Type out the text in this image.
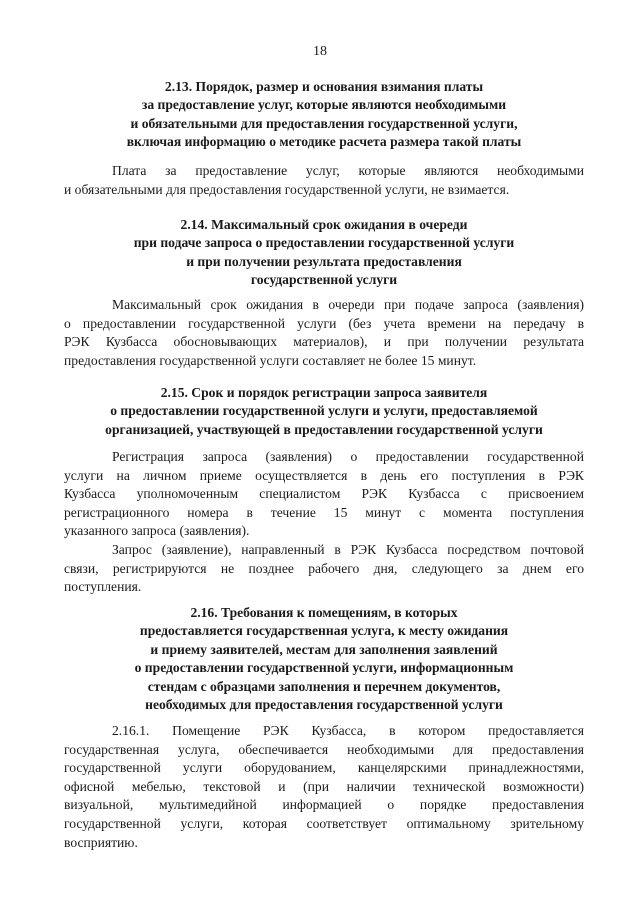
18

2.13. Порядок, размер и основания взимания платы
за предоставление услуг, которые являются необходимыми
и обязательными для предоставления государственной услуги,
включая информацию о методике расчета размера такой платы

Плата за предоставление услуг, которые являются необходимыми
и обязательными для предоставления государственной услуги, не взимается.

2.14. Максимальный срок ожидания в очереди
при подаче запроса о предоставлении государственной услуги
и при получении результата предоставления
государственной услуги

Максимальный срок ожидания в очереди при подаче запроса (заявления)
о предоставлении государственной услуги (без учета времени на передачу в
РЭК Кузбасса обосновывающих материалов), и при получении результата
предоставления государственной услуги составляет не более 15 минут.

2.15. Срок и порядок регистрации запроса заявителя
о предоставлении государственной услуги и услуги, предоставляемой
организацией, участвующей в предоставлении государственной услуги

Регистрация запроса (заявления) о предоставлении государственной
услуги на личном приеме осуществляется в день его поступления в РЭК
Кузбасса уполномоченным специалистом РЭК Кузбасса с присвоением
регистрационного номера в течение 15 минут с момента поступления
указанного запроса (заявления).

Запрос (заявление), направленный в РЭК Кузбасса посредством почтовой
связи, регистрируются не позднее рабочего дня, следующего за днем его
поступления.

2.16. Требования к помещениям, в которых
предоставляется государственная услуга, к месту ожидания
и приему заявителей, местам для заполнения заявлений
о предоставлении государственной услуги, информационным
стендам с образцами заполнения и перечнем документов,
необходимых для предоставления государственной услуги

2.16.1. Помещение РЭК Кузбасса, в котором предоставляется
государственная услуга, обеспечивается необходимыми для предоставления
государственной услуги оборудованием, канцелярскими принадлежностями,
офисной мебелью, текстовой и (при наличии технической возможности)
визуальной, мультимедийной информацией о порядке предоставления
государственной услуги, которая соответствует оптимальному зрительному
восприятию.
